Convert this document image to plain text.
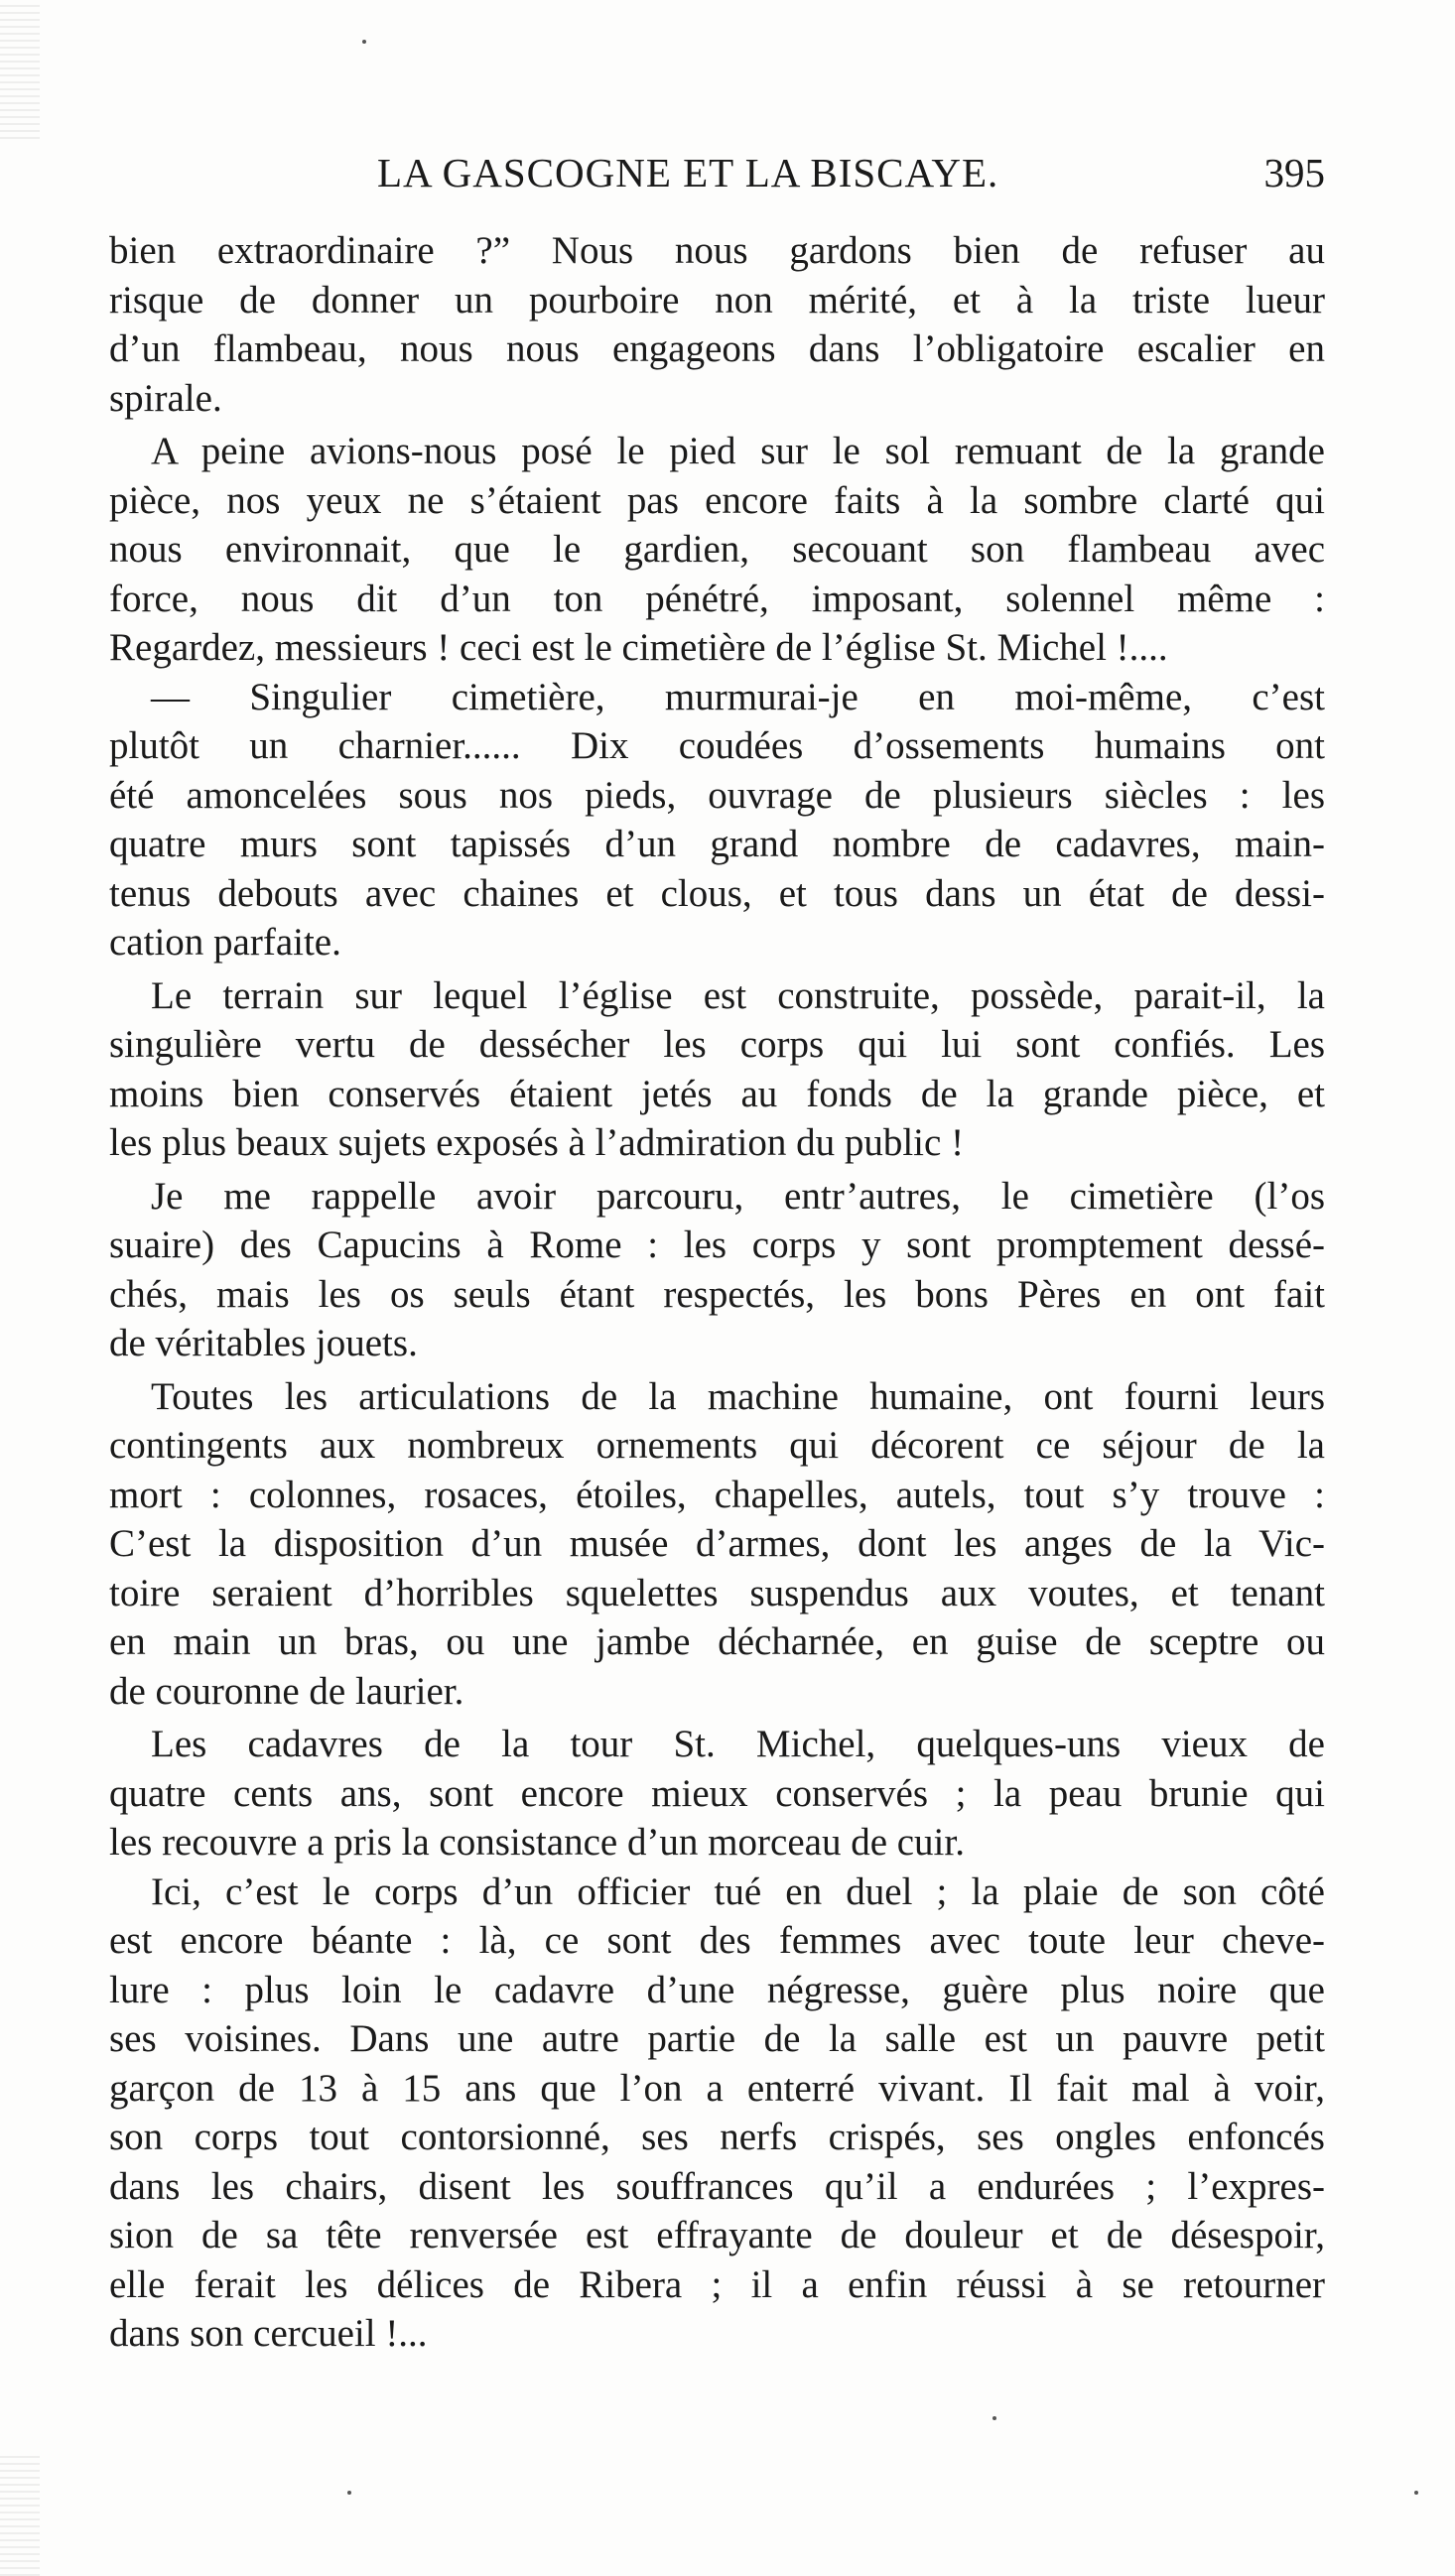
LA GASCOGNE ET LA BISCAYE.	395
bien extraordinaire ?” Nous nous gardons bien de refuser au
risque de donner un pourboire non mérité, et à la triste lueur
d’un flambeau, nous nous engageons dans l’obligatoire escalier en
spirale.
A peine avions-nous posé le pied sur le sol remuant de la grande
pièce, nos yeux ne s’étaient pas encore faits à la sombre clarté qui
nous environnait, que le gardien, secouant son flambeau avec
force, nous dit d’un ton pénétré, imposant, solennel même :
Regardez, messieurs ! ceci est le cimetière de l’église St. Michel !....
— Singulier cimetière, murmurai-je en moi-même, c’est
plutôt un charnier...... Dix coudées d’ossements humains ont
été amoncelées sous nos pieds, ouvrage de plusieurs siècles : les
quatre murs sont tapissés d’un grand nombre de cadavres, main-
tenus debouts avec chaines et clous, et tous dans un état de dessi-
cation parfaite.
Le terrain sur lequel l’église est construite, possède, parait-il, la
singulière vertu de dessécher les corps qui lui sont confiés. Les
moins bien conservés étaient jetés au fonds de la grande pièce, et
les plus beaux sujets exposés à l’admiration du public !
Je me rappelle avoir parcouru, entr’autres, le cimetière (l’os
suaire) des Capucins à Rome : les corps y sont promptement dessé-
chés, mais les os seuls étant respectés, les bons Pères en ont fait
de véritables jouets.
Toutes les articulations de la machine humaine, ont fourni leurs
contingents aux nombreux ornements qui décorent ce séjour de la
mort : colonnes, rosaces, étoiles, chapelles, autels, tout s’y trouve :
C’est la disposition d’un musée d’armes, dont les anges de la Vic-
toire seraient d’horribles squelettes suspendus aux voutes, et tenant
en main un bras, ou une jambe décharnée, en guise de sceptre ou
de couronne de laurier.
Les cadavres de la tour St. Michel, quelques-uns vieux de
quatre cents ans, sont encore mieux conservés ; la peau brunie qui
les recouvre a pris la consistance d’un morceau de cuir.
Ici, c’est le corps d’un officier tué en duel ; la plaie de son côté
est encore béante : là, ce sont des femmes avec toute leur cheve-
lure : plus loin le cadavre d’une négresse, guère plus noire que
ses voisines. Dans une autre partie de la salle est un pauvre petit
garçon de 13 à 15 ans que l’on a enterré vivant. Il fait mal à voir,
son corps tout contorsionné, ses nerfs crispés, ses ongles enfoncés
dans les chairs, disent les souffrances qu’il a endurées ; l’expres-
sion de sa tête renversée est effrayante de douleur et de désespoir,
elle ferait les délices de Ribera ; il a enfin réussi à se retourner
dans son cercueil !...
